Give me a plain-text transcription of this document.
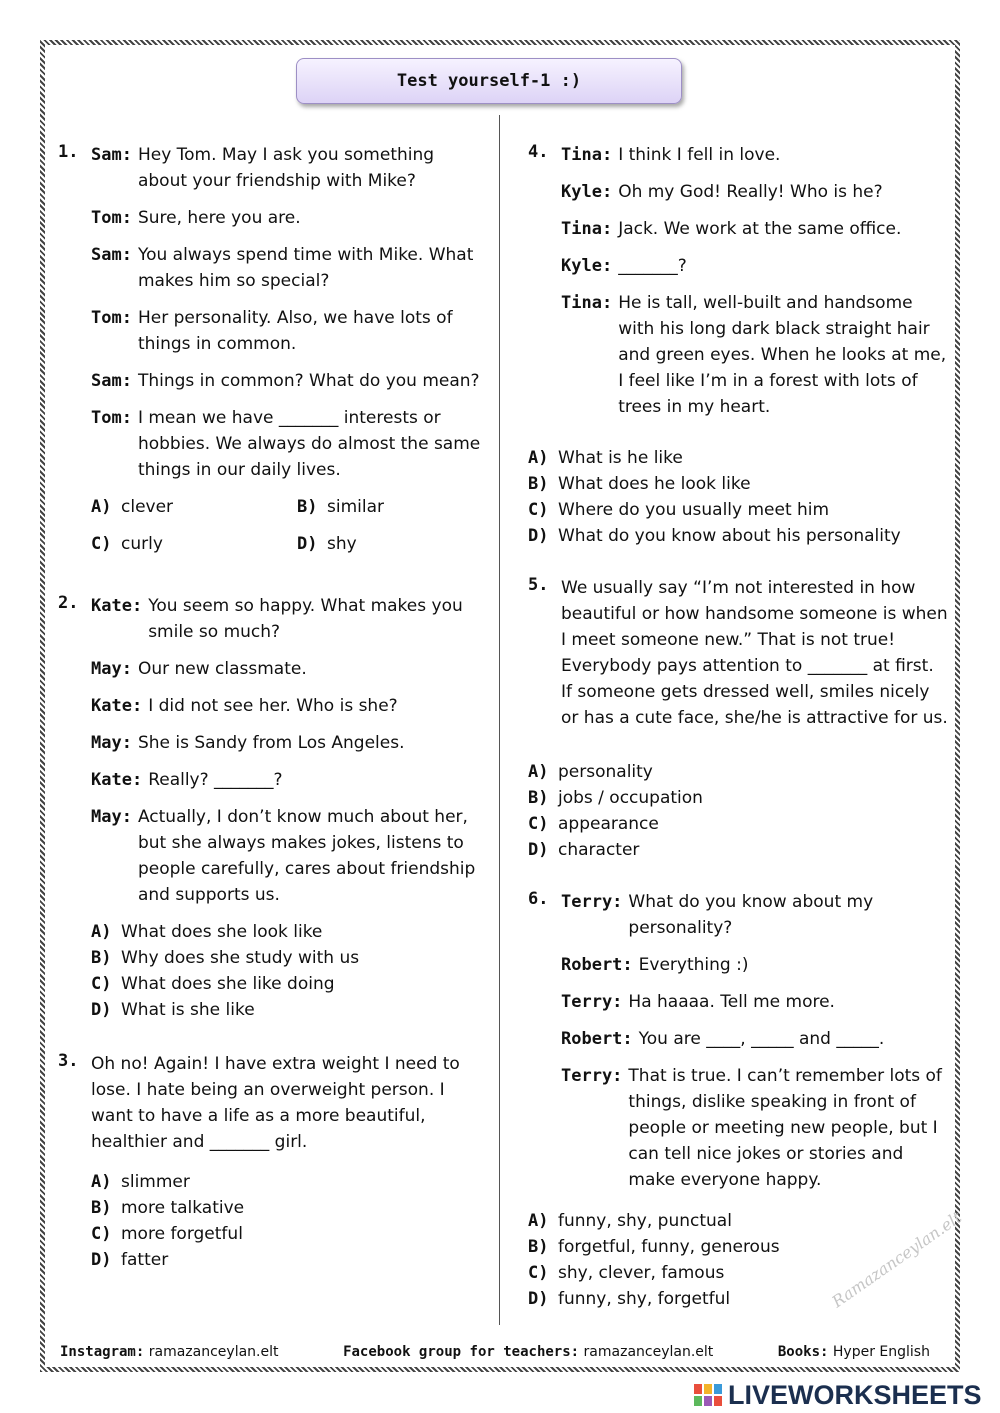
Test yourself-1 :)
1. Sam: Hey Tom. May I ask you something about your friendship with Mike?
Tom: Sure, here you are.
Sam: You always spend time with Mike. What makes him so special?
Tom: Her personality. Also, we have lots of things in common.
Sam: Things in common? What do you mean?
Tom: I mean we have _______ interests or hobbies. We always do almost the same things in our daily lives.
A) clever	B) similar
C) curly	D) shy
2. Kate: You seem so happy. What makes you smile so much?
May: Our new classmate.
Kate: I did not see her. Who is she?
May: She is Sandy from Los Angeles.
Kate: Really? _______?
May: Actually, I don’t know much about her, but she always makes jokes, listens to people carefully, cares about friendship and supports us.
A) What does she look like
B) Why does she study with us
C) What does she like doing
D) What is she like
3. Oh no! Again! I have extra weight I need to lose. I hate being an overweight person. I want to have a life as a more beautiful, healthier and _______ girl.
A) slimmer
B) more talkative
C) more forgetful
D) fatter
4. Tina: I think I fell in love.
Kyle: Oh my God! Really! Who is he?
Tina: Jack. We work at the same office.
Kyle: _______?
Tina: He is tall, well-built and handsome with his long dark black straight hair and green eyes. When he looks at me, I feel like I’m in a forest with lots of trees in my heart.
A) What is he like
B) What does he look like
C) Where do you usually meet him
D) What do you know about his personality
5. We usually say “I’m not interested in how beautiful or how handsome someone is when I meet someone new.” That is not true! Everybody pays attention to _______ at first. If someone gets dressed well, smiles nicely or has a cute face, she/he is attractive for us.
A) personality
B) jobs / occupation
C) appearance
D) character
6. Terry: What do you know about my personality?
Robert: Everything :)
Terry: Ha haaaa. Tell me more.
Robert: You are ____, _____ and _____.
Terry: That is true. I can’t remember lots of things, dislike speaking in front of people or meeting new people, but I can tell nice jokes or stories and make everyone happy.
A) funny, shy, punctual
B) forgetful, funny, generous
C) shy, clever, famous
D) funny, shy, forgetful	Ramazanceylan.elt
Instagram: ramazanceylan.elt	Facebook group for teachers: ramazanceylan.elt	Books: Hyper English
LIVEWORKSHEETS
